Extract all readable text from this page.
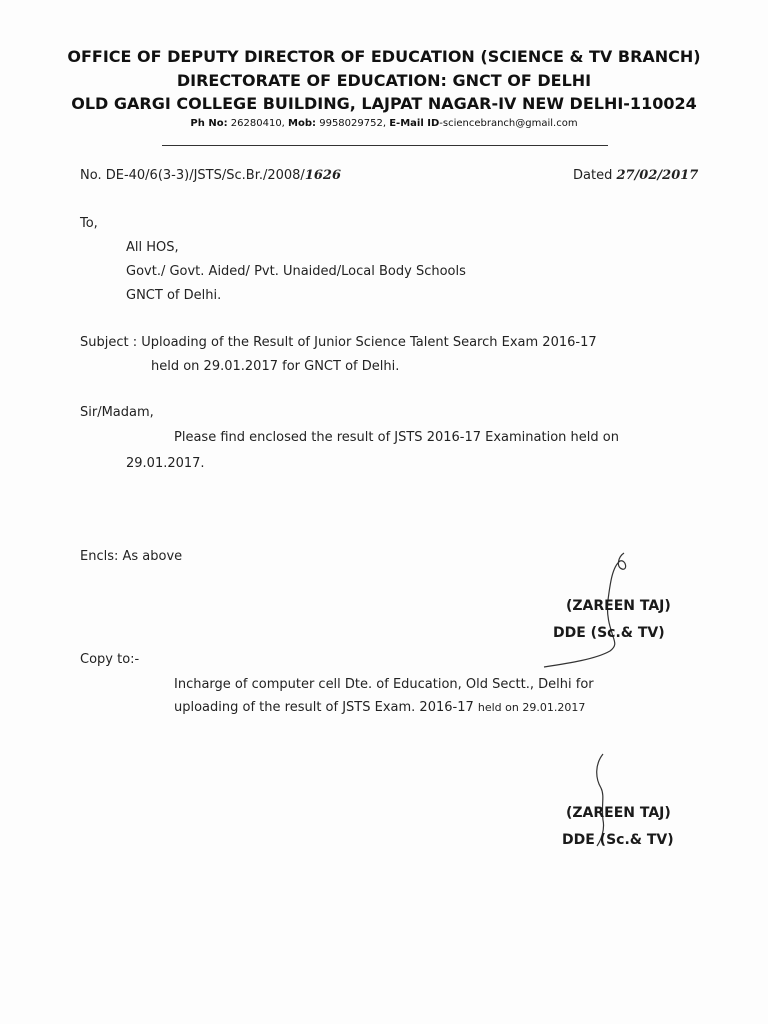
OFFICE OF DEPUTY DIRECTOR OF EDUCATION (SCIENCE & TV BRANCH)
DIRECTORATE OF EDUCATION: GNCT OF DELHI
OLD GARGI COLLEGE BUILDING, LAJPAT NAGAR-IV NEW DELHI-110024
Ph No: 26280410, Mob: 9958029752, E-Mail ID-sciencebranch@gmail.com
No. DE-40/6(3-3)/JSTS/Sc.Br./2008/1626	Dated 27/02/2017
To,
All HOS,
Govt./ Govt. Aided/ Pvt. Unaided/Local Body Schools
GNCT of Delhi.
Subject : Uploading of the Result of Junior Science Talent Search Exam 2016-17
held on 29.01.2017 for GNCT of Delhi.
Sir/Madam,
Please find enclosed the result of JSTS 2016-17 Examination held on
29.01.2017.
Encls: As above
(ZAREEN TAJ)
DDE (Sc.& TV)
Copy to:-
Incharge of computer cell Dte. of Education, Old Sectt., Delhi for
uploading of the result of JSTS Exam. 2016-17 held on 29.01.2017
(ZAREEN TAJ)
DDE (Sc.& TV)
